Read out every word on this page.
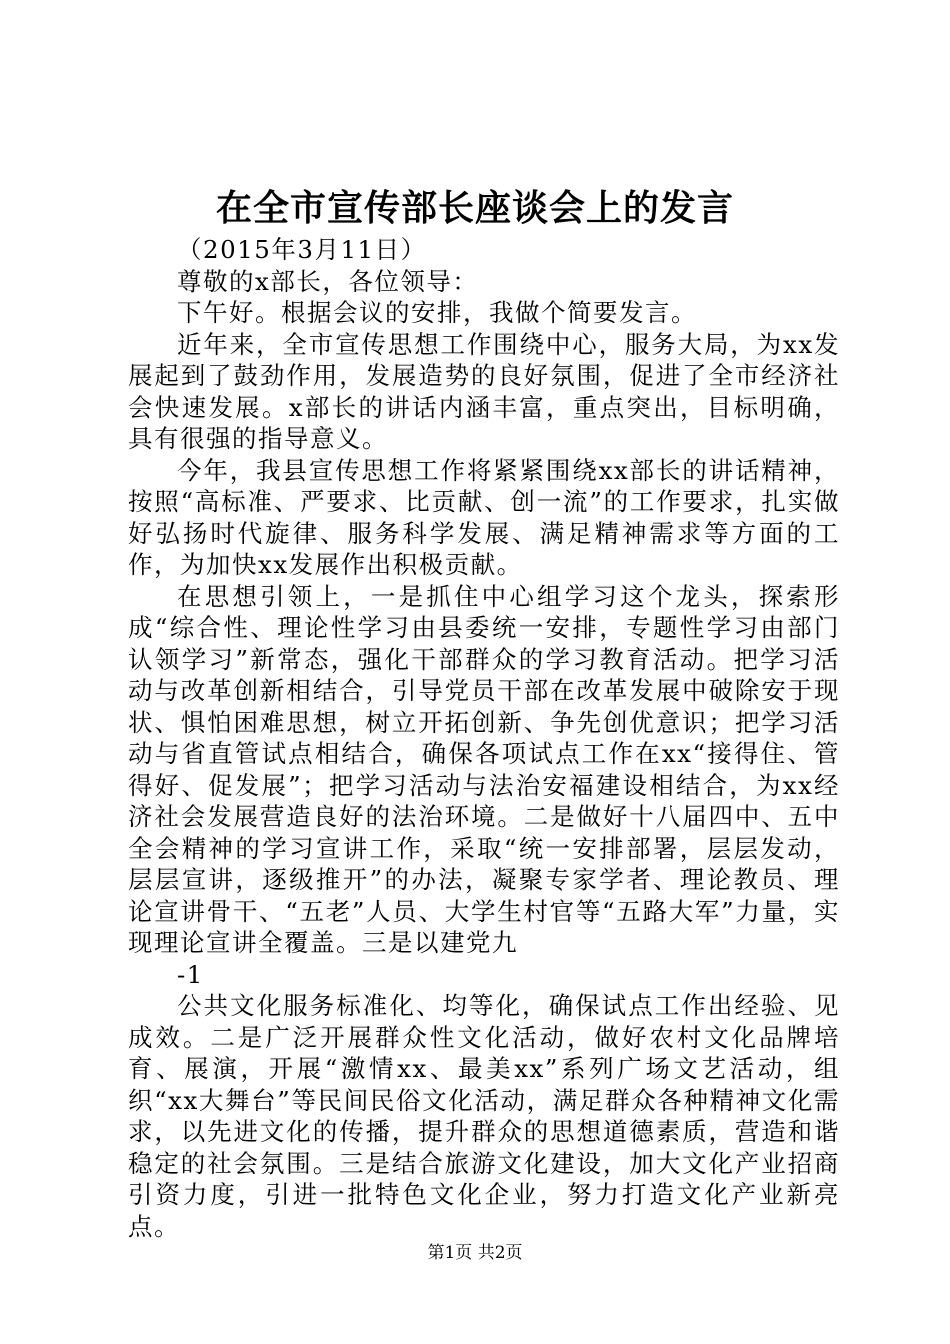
在全市宣传部长座谈会上的发言

（2015年3月11日）

尊敬的x部长，各位领导：

下午好。根据会议的安排，我做个简要发言。

近年来，全市宣传思想工作围绕中心，服务大局，为xx发展起到了鼓劲作用，发展造势的良好氛围，促进了全市经济社会快速发展。x部长的讲话内涵丰富，重点突出，目标明确，具有很强的指导意义。

今年，我县宣传思想工作将紧紧围绕xx部长的讲话精神，按照“高标准、严要求、比贡献、创一流”的工作要求，扎实做好弘扬时代旋律、服务科学发展、满足精神需求等方面的工作，为加快xx发展作出积极贡献。

在思想引领上，一是抓住中心组学习这个龙头，探索形成“综合性、理论性学习由县委统一安排，专题性学习由部门认领学习”新常态，强化干部群众的学习教育活动。把学习活动与改革创新相结合，引导党员干部在改革发展中破除安于现状、惧怕困难思想，树立开拓创新、争先创优意识；把学习活动与省直管试点相结合，确保各项试点工作在xx“接得住、管得好、促发展”；把学习活动与法治安福建设相结合，为xx经济社会发展营造良好的法治环境。二是做好十八届四中、五中全会精神的学习宣讲工作，采取“统一安排部署，层层发动，层层宣讲，逐级推开”的办法，凝聚专家学者、理论教员、理论宣讲骨干、“五老”人员、大学生村官等“五路大军”力量，实现理论宣讲全覆盖。三是以建党九

-1

公共文化服务标准化、均等化，确保试点工作出经验、见成效。二是广泛开展群众性文化活动，做好农村文化品牌培育、展演，开展“激情xx、最美xx”系列广场文艺活动，组织“xx大舞台”等民间民俗文化活动，满足群众各种精神文化需求，以先进文化的传播，提升群众的思想道德素质，营造和谐稳定的社会氛围。三是结合旅游文化建设，加大文化产业招商引资力度，引进一批特色文化企业，努力打造文化产业新亮点。

第1页 共2页
